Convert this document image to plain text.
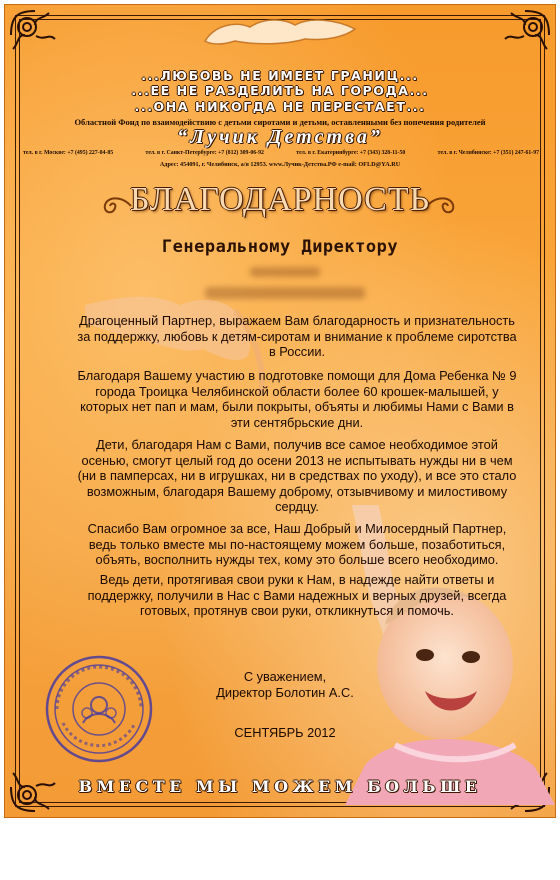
...ЛЮБОВЬ НЕ ИМЕЕТ ГРАНИЦ...
...ЕЕ НЕ РАЗДЕЛИТЬ НА ГОРОДА...
...ОНА НИКОГДА НЕ ПЕРЕСТАЕТ...
Областной Фонд по взаимодействию с детьми сиротами и детьми, оставленными без попечения родителей
“Лучик Детства”
тел. в г. Москве: +7 (495) 227-04-85	тел. в г. Санкт-Петербурге: +7 (812) 309-06-92	тел. в г. Екатеринбурге: +7 (343) 328-11-50	тел. в г. Челябинске: +7 (351) 247-61-97
Адрес: 454091, г. Челябинск, а/я 12953. www.Лучик-Детства.РФ e-mail: OFLD@YA.RU
БЛАГОДАРНОСТЬ
Генеральному Директору
Драгоценный Партнер, выражаем Вам благодарность и признательность за поддержку, любовь к детям-сиротам и внимание к проблеме сиротства в России.
Благодаря Вашему участию в подготовке помощи для Дома Ребенка № 9 города Троицка Челябинской области более 60 крошек-малышей, у которых нет пап и мам, были покрыты, объяты и любимы Нами с Вами в эти сентябрьские дни.
Дети, благодаря Нам с Вами, получив все самое необходимое этой осенью, смогут целый год до осени 2013 не испытывать нужды ни в чем (ни в памперсах, ни в игрушках, ни в средствах по уходу), и все это стало возможным, благодаря Вашему доброму, отзывчивому и милостивому сердцу.
Спасибо Вам огромное за все, Наш Добрый и Милосердный Партнер, ведь только вместе мы по-настоящему можем больше, позаботиться, объять, восполнить нужды тех, кому это больше всего необходимо.
Ведь дети, протягивая свои руки к Нам, в надежде найти ответы и поддержку, получили в Нас с Вами надежных и верных друзей, всегда готовых, протянув свои руки, откликнуться и помочь.
С уважением,
Директор Болотин А.С.
СЕНТЯБРЬ 2012
ВМЕСТЕ МЫ МОЖЕМ БОЛЬШЕ
